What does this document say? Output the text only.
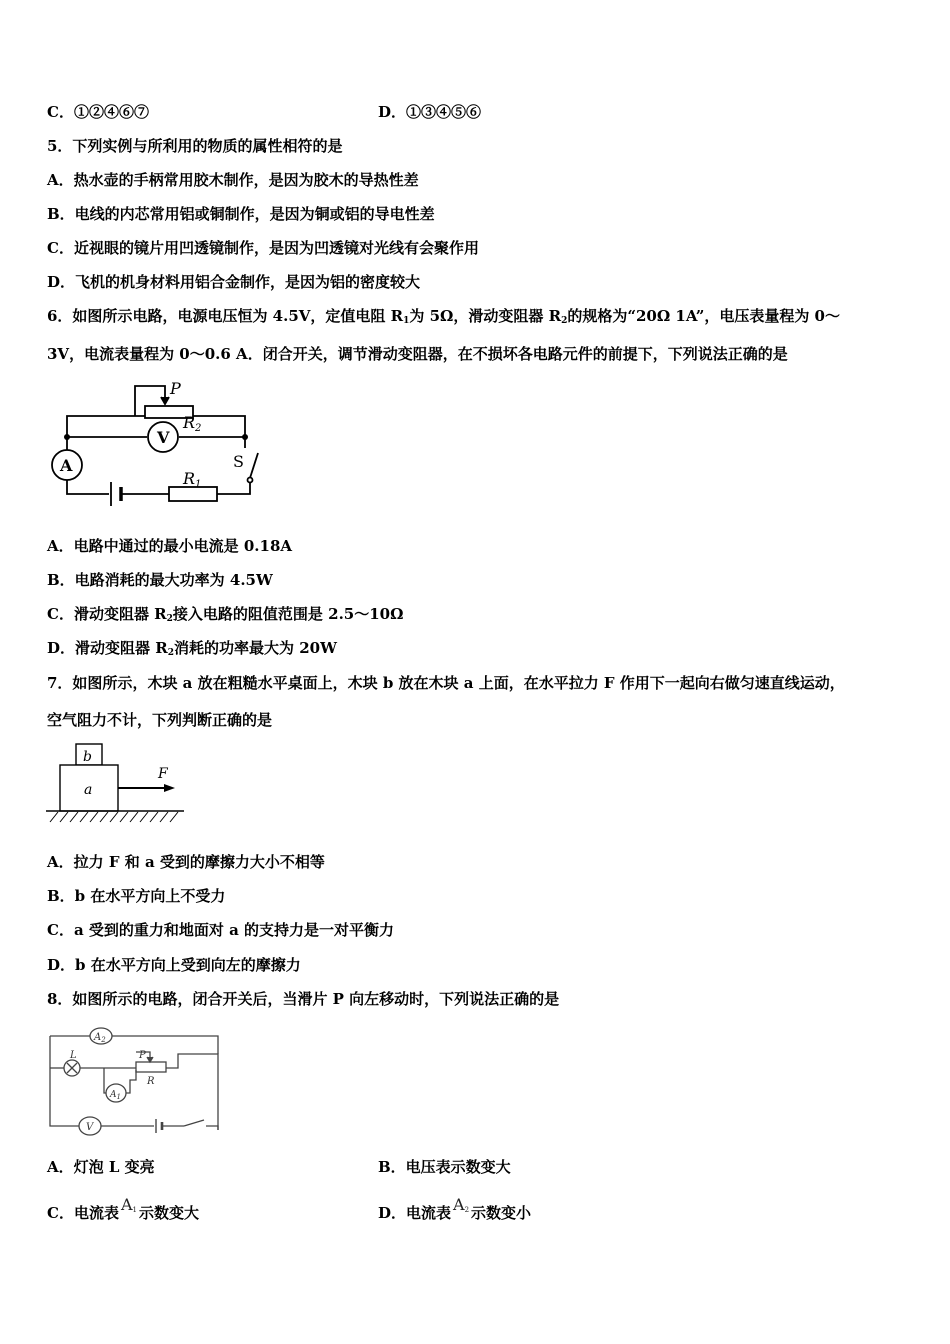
C．①②④⑥⑦	D．①③④⑤⑥
5．下列实例与所利用的物质的属性相符的是
A．热水壶的手柄常用胶木制作，是因为胶木的导热性差
B．电线的内芯常用铝或铜制作，是因为铜或铝的导电性差
C．近视眼的镜片用凹透镜制作，是因为凹透镜对光线有会聚作用
D．飞机的机身材料用铝合金制作，是因为铝的密度较大
6．如图所示电路，电源电压恒为 4.5V，定值电阻 $R_1$为 5Ω，滑动变阻器 $R_2$的规格为“20Ω 1A”，电压表量程为 0～
3V，电流表量程为 0～0.6 A．闭合开关，调节滑动变阻器，在不损坏各电路元件的前提下，下列说法正确的是
P
R2
V
A	S
R1
A．电路中通过的最小电流是 0.18A
B．电路消耗的最大功率为 4.5W
C．滑动变阻器 $R_2$接入电路的阻值范围是 2.5～10Ω
D．滑动变阻器 $R_2$消耗的功率最大为 20W
7．如图所示，木块 a 放在粗糙水平桌面上，木块 b 放在木块 a 上面，在水平拉力 F 作用下一起向右做匀速直线运动，
空气阻力不计，下列判断正确的是
b
a
F
A．拉力 F 和 a 受到的摩擦力大小不相等
B．b 在水平方向上不受力
C．a 受到的重力和地面对 a 的支持力是一对平衡力
D．b 在水平方向上受到向左的摩擦力
8．如图所示的电路，闭合开关后，当滑片 P 向左移动时，下列说法正确的是
$A_2$
L	P
R
$A_1$
V
A．灯泡 L 变亮	B．电压表示数变大
C．电流表 $A_1$ 示数变大	D．电流表 $A_2$ 示数变小
